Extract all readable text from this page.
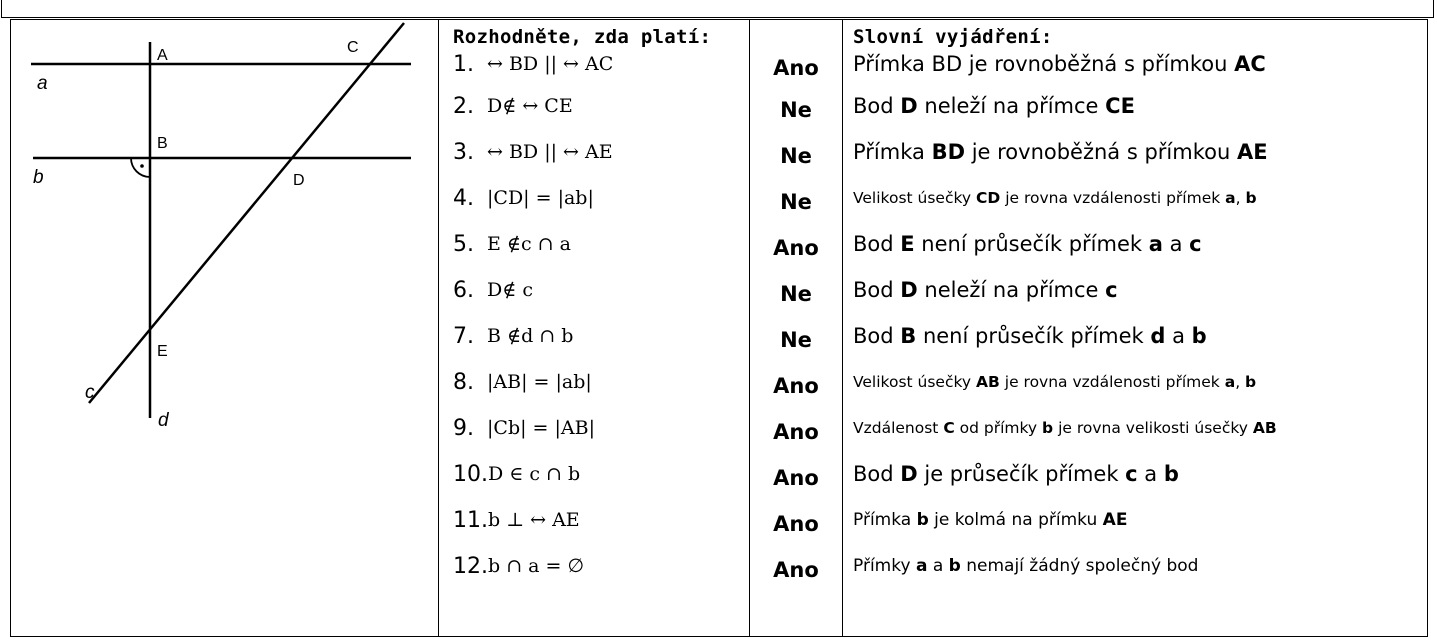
a
b
c
d
A
B
C
D
E
Rozhodněte, zda platí:
1. ↔ BD || ↔ AC
2. D∉ ↔ CE
3. ↔ BD || ↔ AE
4. |CD| = |ab|
5. E ∉c ∩ a
6. D∉ c
7. B ∉d ∩ b
8. |AB| = |ab|
9. |Cb| = |AB|
10. D ∈ c ∩ b
11. b ⊥ ↔ AE
12. b ∩ a = ∅
Ano
Ne
Ne
Ne
Ano
Ne
Ne
Ano
Ano
Ano
Ano
Ano
Slovní vyjádření:
Přímka BD je rovnoběžná s přímkou AC
Bod D neleží na přímce CE
Přímka BD je rovnoběžná s přímkou AE
Velikost úsečky CD je rovna vzdálenosti přímek a , b
Bod E není průsečík přímek a a c
Bod D neleží na přímce c
Bod B není průsečík přímek d a b
Velikost úsečky AB je rovna vzdálenosti přímek a , b
Vzdálenost C od přímky b je rovna velikosti úsečky AB
Bod D je průsečík přímek c a b
Přímka b je kolmá na přímku AE
Přímky a a b nemají žádný společný bod
